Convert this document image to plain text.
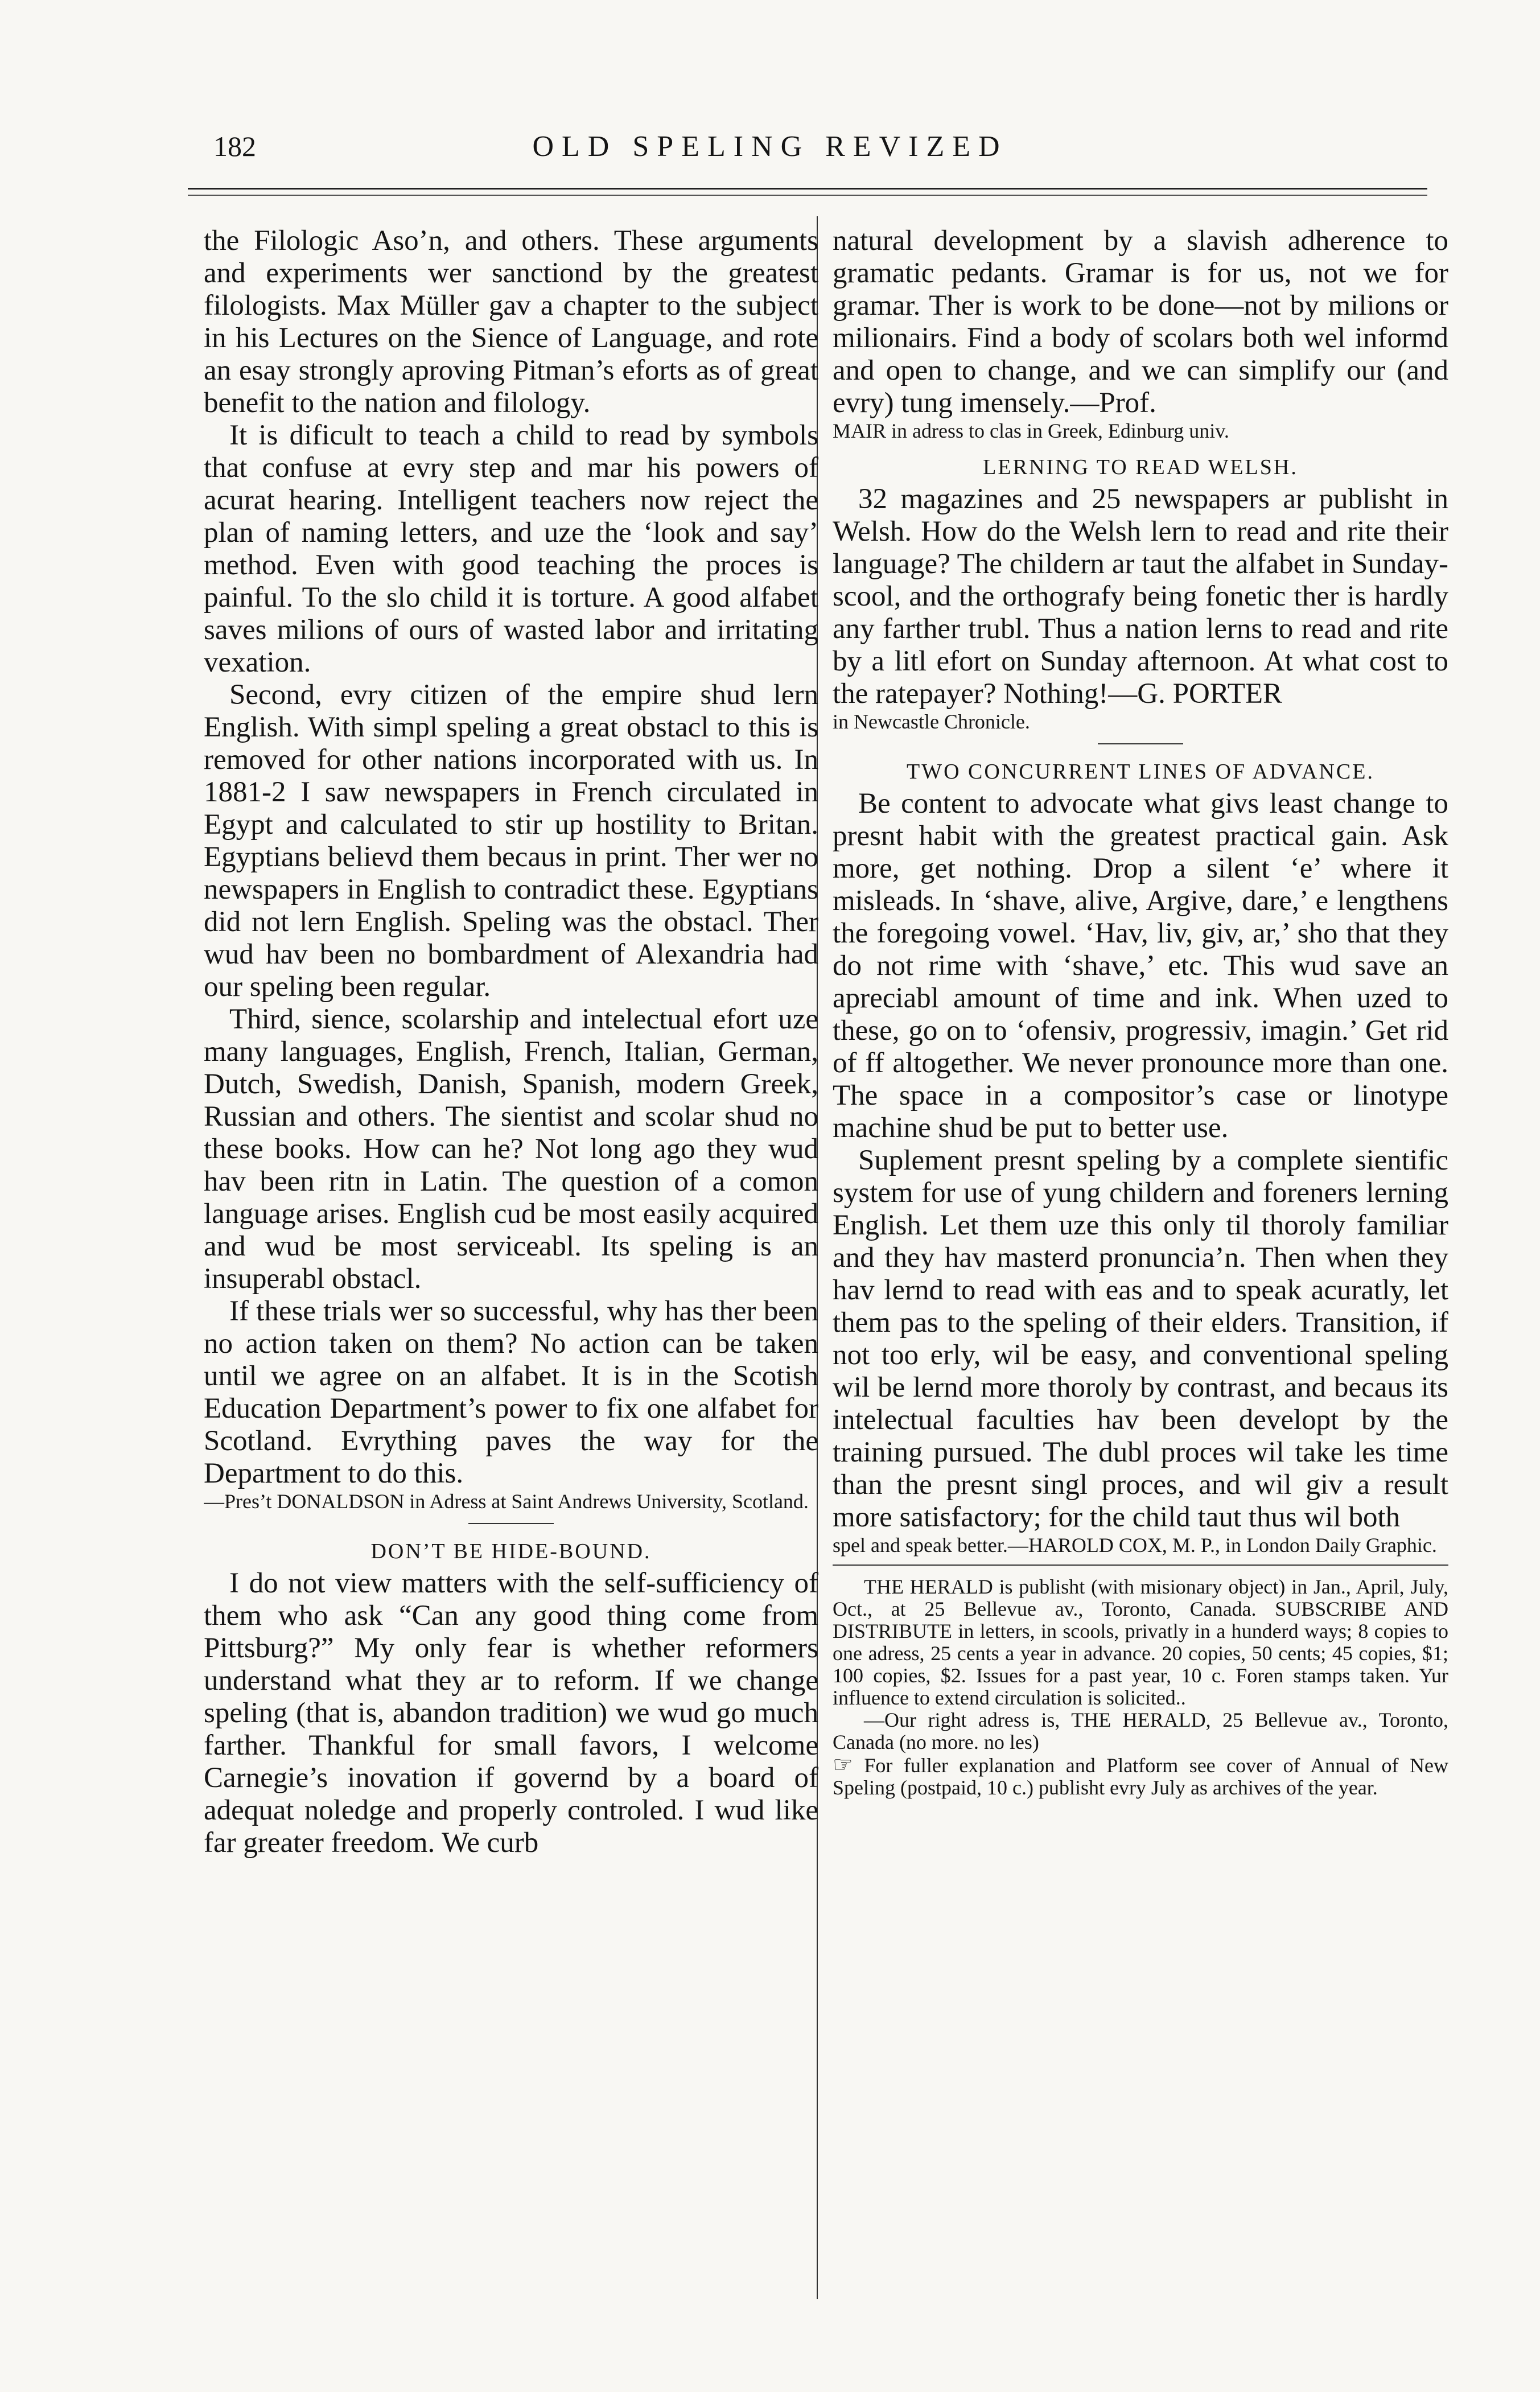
182	OLD SPELING REVIZED

the Filologic Aso’n, and others. These arguments and experiments wer sanctiond by the greatest filologists. Max Müller gav a chapter to the subject in his Lectures on the Sience of Language, and rote an esay strongly aproving Pitman’s eforts as of great benefit to the nation and filology.

It is dificult to teach a child to read by symbols that confuse at evry step and mar his powers of acurat hearing. Intelligent teachers now reject the plan of naming letters, and uze the ‘look and say’ method. Even with good teaching the proces is painful. To the slo child it is torture. A good alfabet saves milions of ours of wasted labor and irritating vexation.

Second, evry citizen of the empire shud lern English. With simpl speling a great obstacl to this is removed for other nations incorporated with us. In 1881-2 I saw newspapers in French circulated in Egypt and calculated to stir up hostility to Britan. Egyptians believd them becaus in print. Ther wer no newspapers in English to contradict these. Egyptians did not lern English. Speling was the obstacl. Ther wud hav been no bombardment of Alexandria had our speling been regular.

Third, sience, scolarship and intelectual efort uze many languages, English, French, Italian, German, Dutch, Swedish, Danish, Spanish, modern Greek, Russian and others. The sientist and scolar shud no these books. How can he? Not long ago they wud hav been ritn in Latin. The question of a comon language arises. English cud be most easily acquired and wud be most serviceabl. Its speling is an insuperabl obstacl.

If these trials wer so successful, why has ther been no action taken on them? No action can be taken until we agree on an alfabet. It is in the Scotish Education Department’s power to fix one alfabet for Scotland. Evrything paves the way for the Department to do this.

—Pres’t DONALDSON in Adress at Saint Andrews University, Scotland.

DON’T BE HIDE-BOUND.

I do not view matters with the self-sufficiency of them who ask “Can any good thing come from Pittsburg?” My only fear is whether reformers understand what they ar to reform. If we change speling (that is, abandon tradition) we wud go much farther. Thankful for small favors, I welcome Carnegie’s inovation if governd by a board of adequat noledge and properly controled. I wud like far greater freedom. We curb

natural development by a slavish adherence to gramatic pedants. Gramar is for us, not we for gramar. Ther is work to be done—not by milions or milionairs. Find a body of scolars both wel informd and open to change, and we can simplify our (and evry) tung imensely.—Prof.

MAIR in adress to clas in Greek, Edinburg univ.

LERNING TO READ WELSH.

32 magazines and 25 newspapers ar publisht in Welsh. How do the Welsh lern to read and rite their language? The childern ar taut the alfabet in Sunday-scool, and the orthografy being fonetic ther is hardly any farther trubl. Thus a nation lerns to read and rite by a litl efort on Sunday afternoon. At what cost to the ratepayer? Nothing!—G. PORTER

in Newcastle Chronicle.

TWO CONCURRENT LINES OF ADVANCE.

Be content to advocate what givs least change to presnt habit with the greatest practical gain. Ask more, get nothing. Drop a silent ‘e’ where it misleads. In ‘shave, alive, Argive, dare,’ e lengthens the foregoing vowel. ‘Hav, liv, giv, ar,’ sho that they do not rime with ‘shave,’ etc. This wud save an apreciabl amount of time and ink. When uzed to these, go on to ‘ofensiv, progressiv, imagin.’ Get rid of ff altogether. We never pronounce more than one. The space in a compositor’s case or linotype machine shud be put to better use.

Suplement presnt speling by a complete sientific system for use of yung childern and foreners lerning English. Let them uze this only til thoroly familiar and they hav masterd pronuncia’n. Then when they hav lernd to read with eas and to speak acuratly, let them pas to the speling of their elders. Transition, if not too erly, wil be easy, and conventional speling wil be lernd more thoroly by contrast, and becaus its intelectual faculties hav been developt by the training pursued. The dubl proces wil take les time than the presnt singl proces, and wil giv a result more satisfactory; for the child taut thus wil both

spel and speak better.—HAROLD COX, M. P., in London Daily Graphic.

THE HERALD is publisht (with misionary object) in Jan., April, July, Oct., at 25 Bellevue av., Toronto, Canada. SUBSCRIBE AND DISTRIBUTE in letters, in scools, privatly in a hunderd ways; 8 copies to one adress, 25 cents a year in advance. 20 copies, 50 cents; 45 copies, $1; 100 copies, $2. Issues for a past year, 10 c. Foren stamps taken. Yur influence to extend circulation is solicited..

—Our right adress is, THE HERALD, 25 Bellevue av., Toronto, Canada (no more. no les)

☞ For fuller explanation and Platform see cover of Annual of New Speling (postpaid, 10 c.) publisht evry July as archives of the year.
